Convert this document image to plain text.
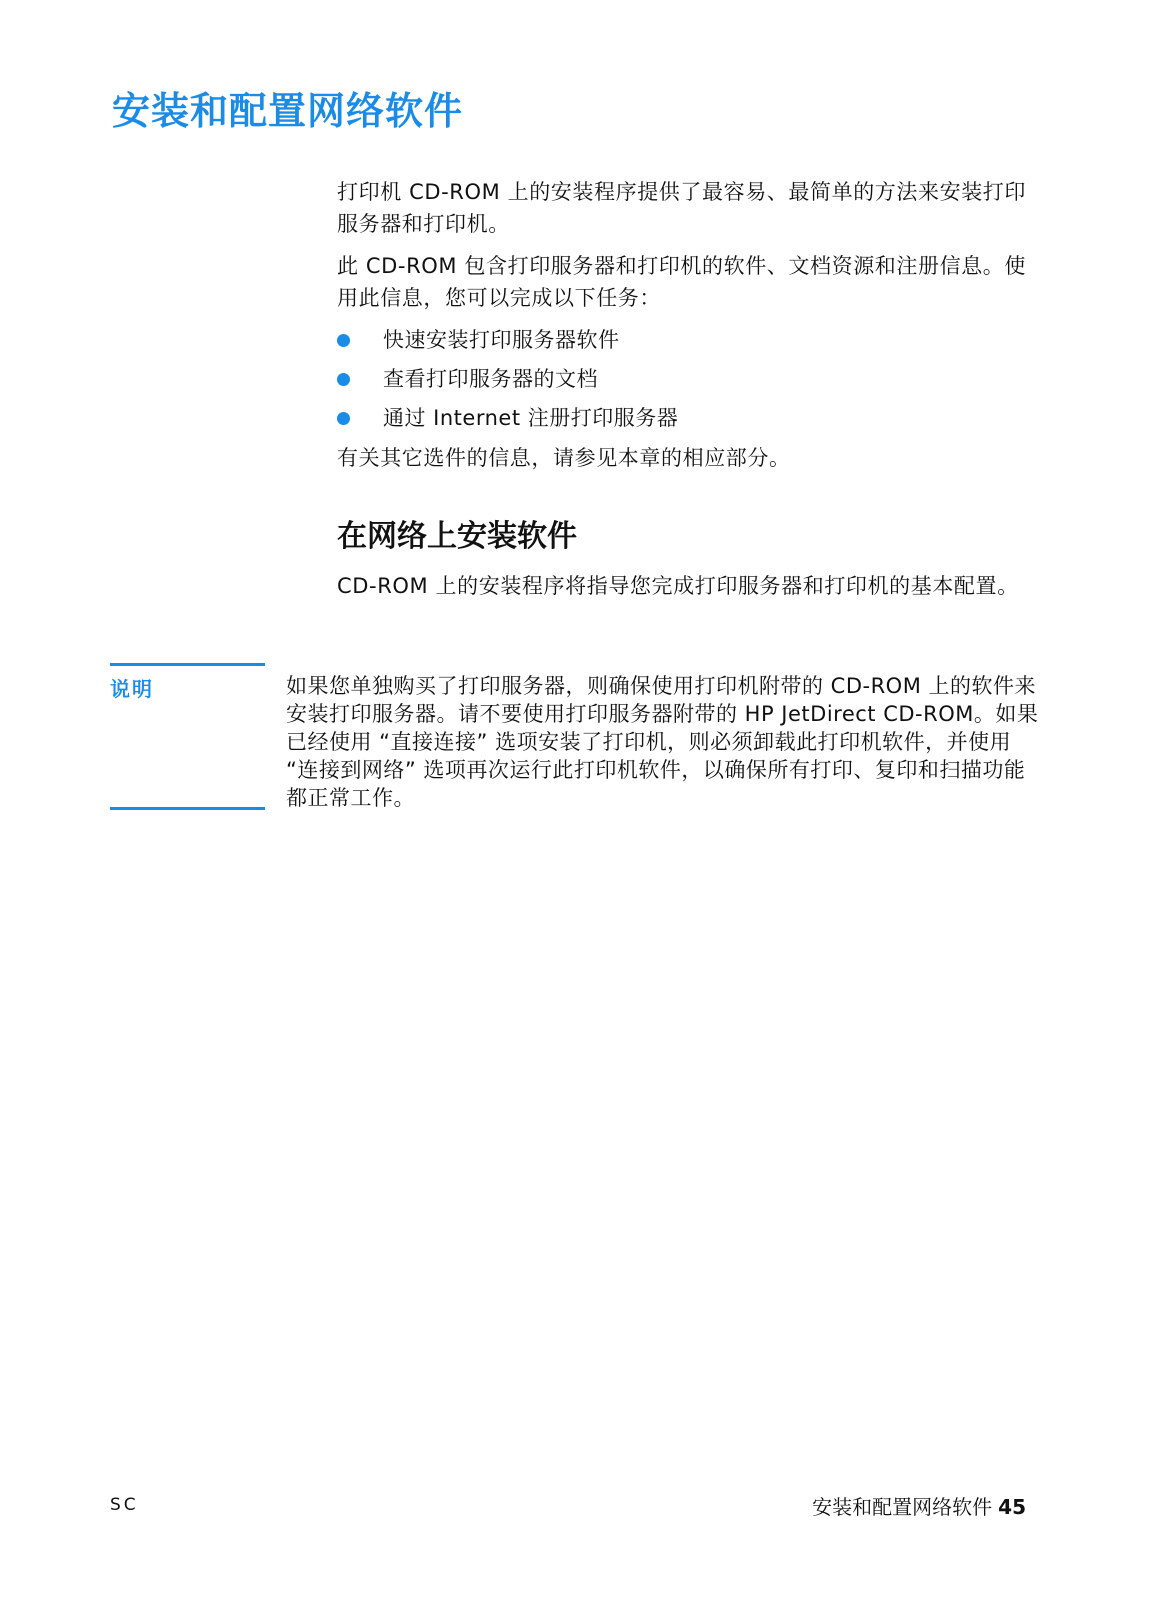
安装和配置网络软件

打印机 CD-ROM 上的安装程序提供了最容易、最简单的方法来安装打印服务器和打印机。

此 CD-ROM 包含打印服务器和打印机的软件、文档资源和注册信息。使用此信息，您可以完成以下任务：

快速安装打印服务器软件
查看打印服务器的文档
通过 Internet 注册打印服务器

有关其它选件的信息，请参见本章的相应部分。

在网络上安装软件

CD-ROM 上的安装程序将指导您完成打印服务器和打印机的基本配置。

说明	如果您单独购买了打印服务器，则确保使用打印机附带的 CD-ROM 上的软件来安装打印服务器。请不要使用打印服务器附带的 HP JetDirect CD-ROM。如果已经使用 “直接连接” 选项安装了打印机，则必须卸载此打印机软件，并使用 “连接到网络” 选项再次运行此打印机软件，以确保所有打印、复印和扫描功能都正常工作。

SC	安装和配置网络软件 45
